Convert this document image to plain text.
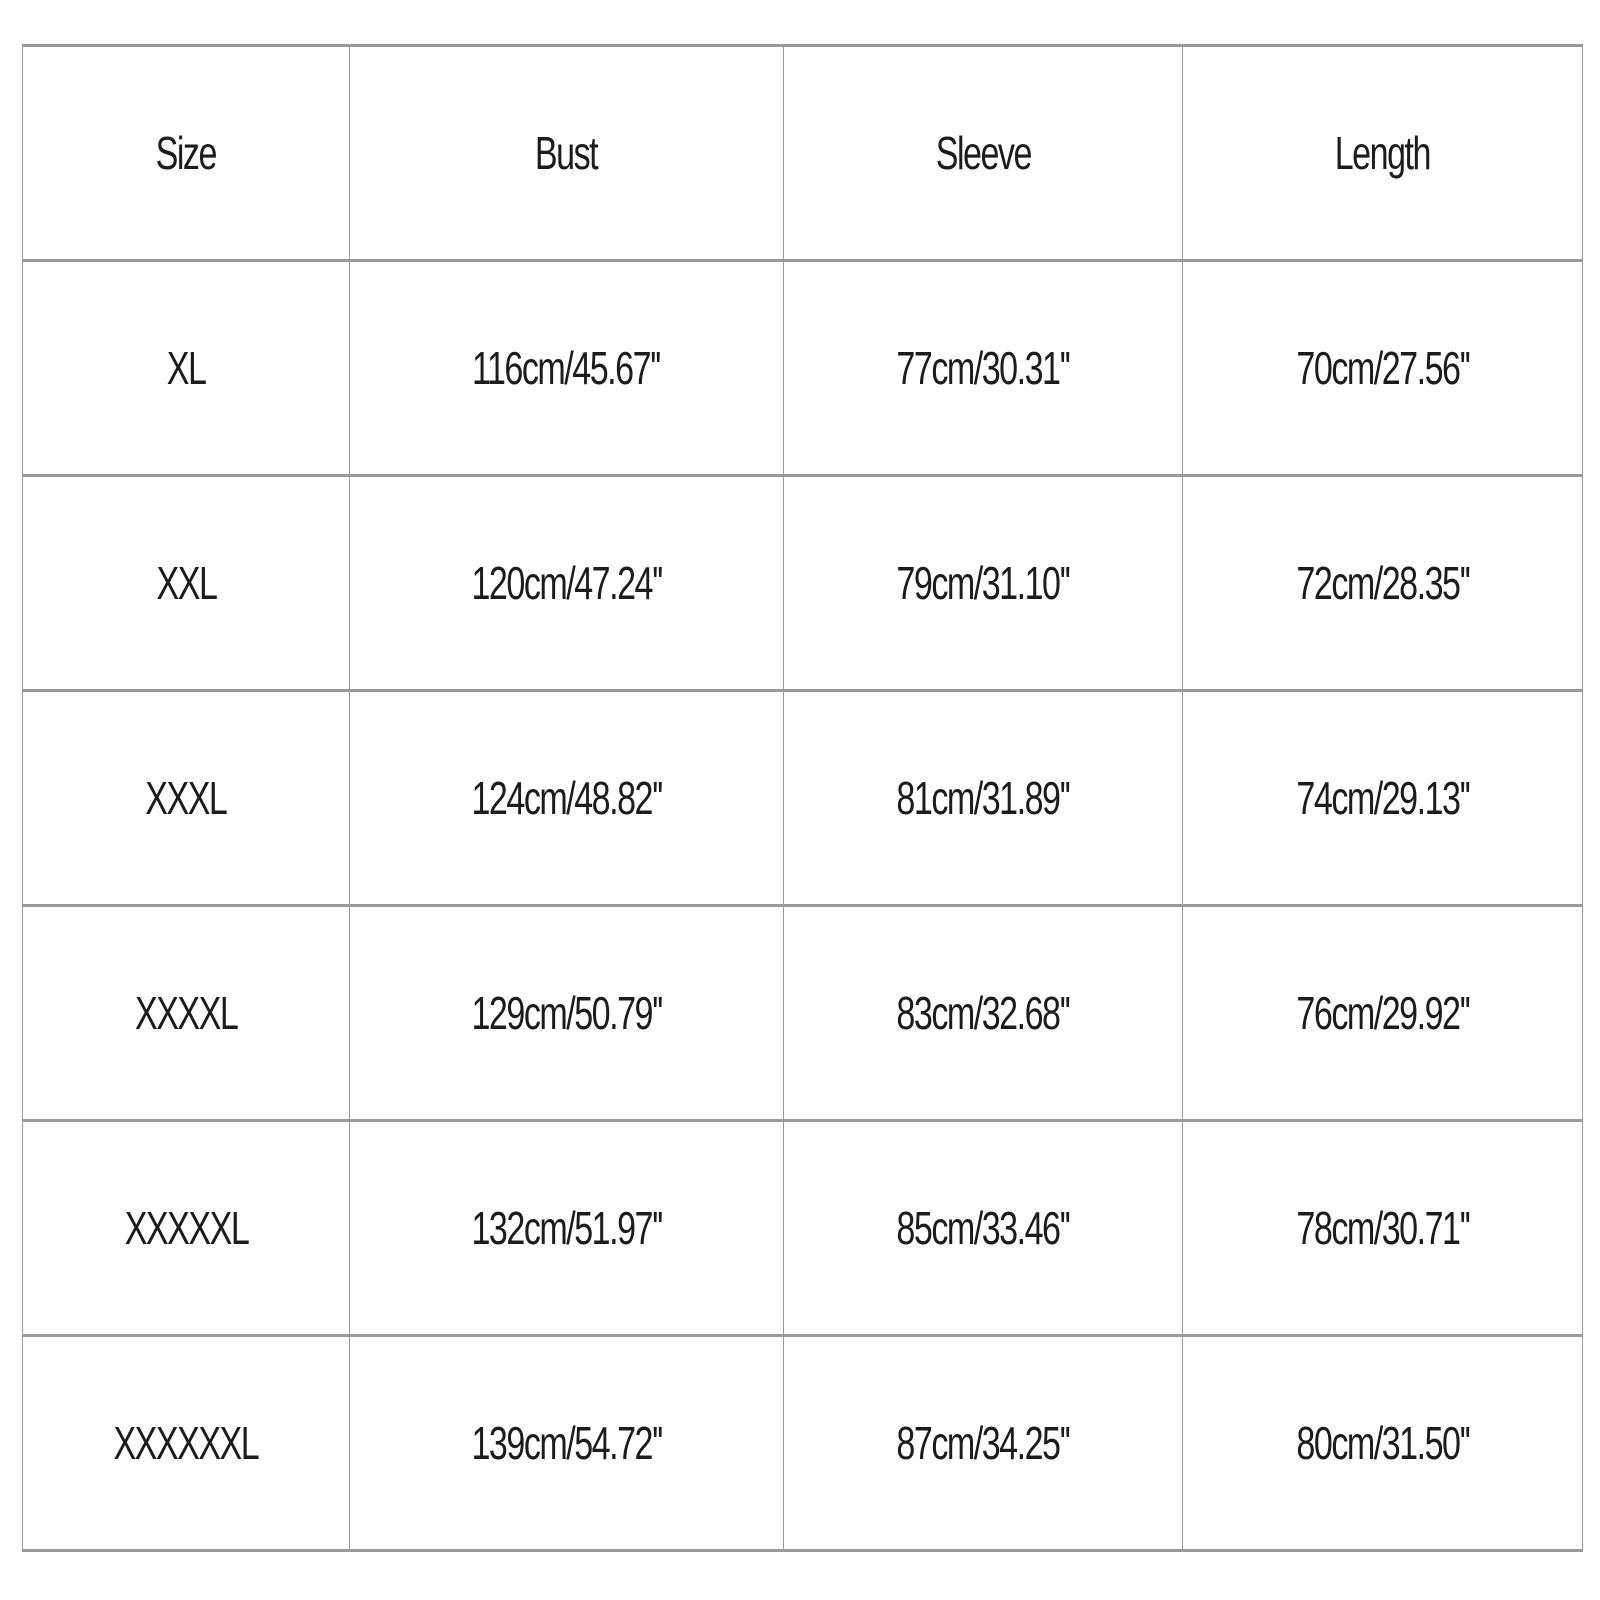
Size	Bust	Sleeve	Length
XL	116cm/45.67''	77cm/30.31''	70cm/27.56''
XXL	120cm/47.24''	79cm/31.10''	72cm/28.35''
XXXL	124cm/48.82''	81cm/31.89''	74cm/29.13''
XXXXL	129cm/50.79''	83cm/32.68''	76cm/29.92''
XXXXXL	132cm/51.97''	85cm/33.46''	78cm/30.71''
XXXXXXL	139cm/54.72''	87cm/34.25''	80cm/31.50''
